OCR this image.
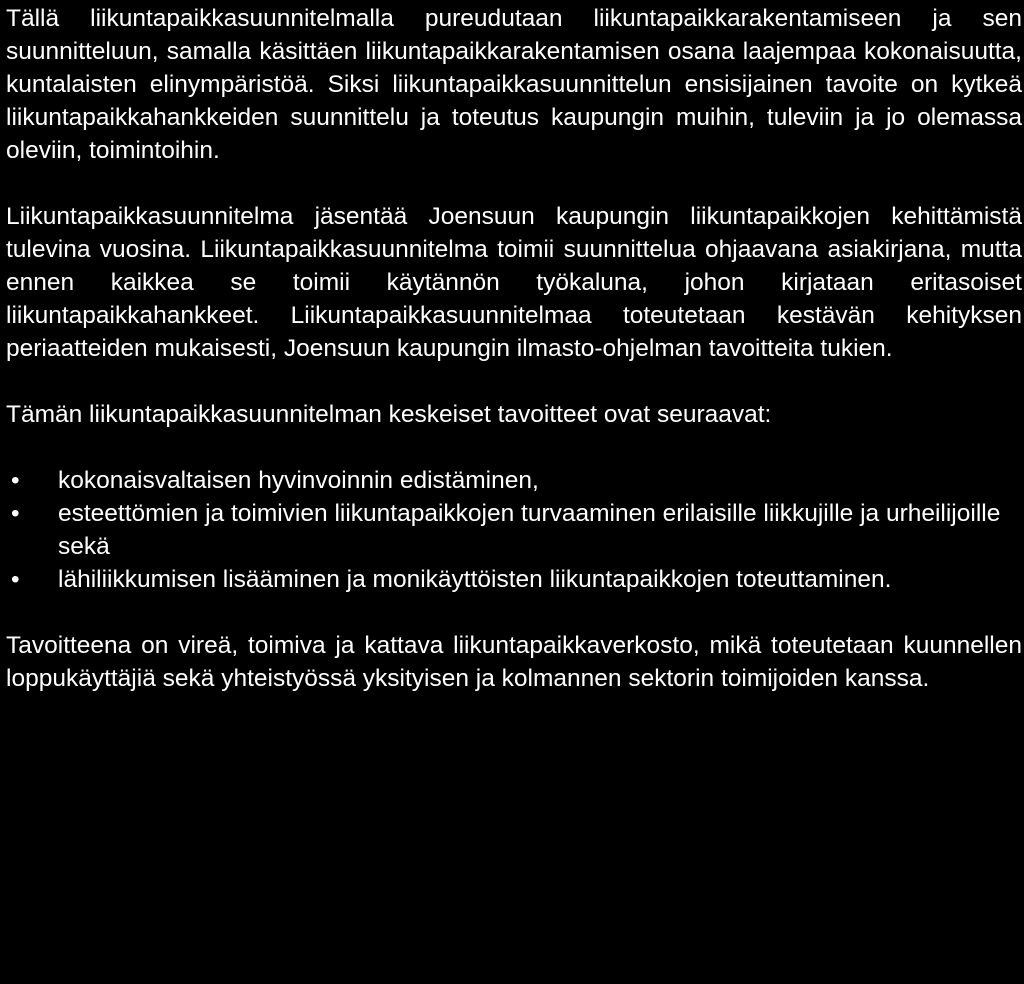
Tällä liikuntapaikkasuunnitelmalla pureudutaan liikuntapaikkarakentamiseen ja sen suunnitteluun, samalla käsittäen liikuntapaikkarakentamisen osana laajempaa kokonaisuutta, kuntalaisten elinympäristöä. Siksi liikuntapaikkasuunnittelun ensisijainen tavoite on kytkeä liikuntapaikkahankkeiden suunnittelu ja toteutus kaupungin muihin, tuleviin ja jo olemassa oleviin, toimintoihin.

Liikuntapaikkasuunnitelma jäsentää Joensuun kaupungin liikuntapaikkojen kehittämistä tulevina vuosina. Liikuntapaikkasuunnitelma toimii suunnittelua ohjaavana asiakirjana, mutta ennen kaikkea se toimii käytännön työkaluna, johon kirjataan eritasoiset liikuntapaikkahankkeet. Liikuntapaikkasuunnitelmaa toteutetaan kestävän kehityksen periaatteiden mukaisesti, Joensuun kaupungin ilmasto-ohjelman tavoitteita tukien.

Tämän liikuntapaikkasuunnitelman keskeiset tavoitteet ovat seuraavat:

• kokonaisvaltaisen hyvinvoinnin edistäminen,
• esteettömien ja toimivien liikuntapaikkojen turvaaminen erilaisille liikkujille ja urheilijoille sekä
• lähiliikkumisen lisääminen ja monikäyttöisten liikuntapaikkojen toteuttaminen.

Tavoitteena on vireä, toimiva ja kattava liikuntapaikkaverkosto, mikä toteutetaan kuunnellen loppukäyttäjiä sekä yhteistyössä yksityisen ja kolmannen sektorin toimijoiden kanssa.
